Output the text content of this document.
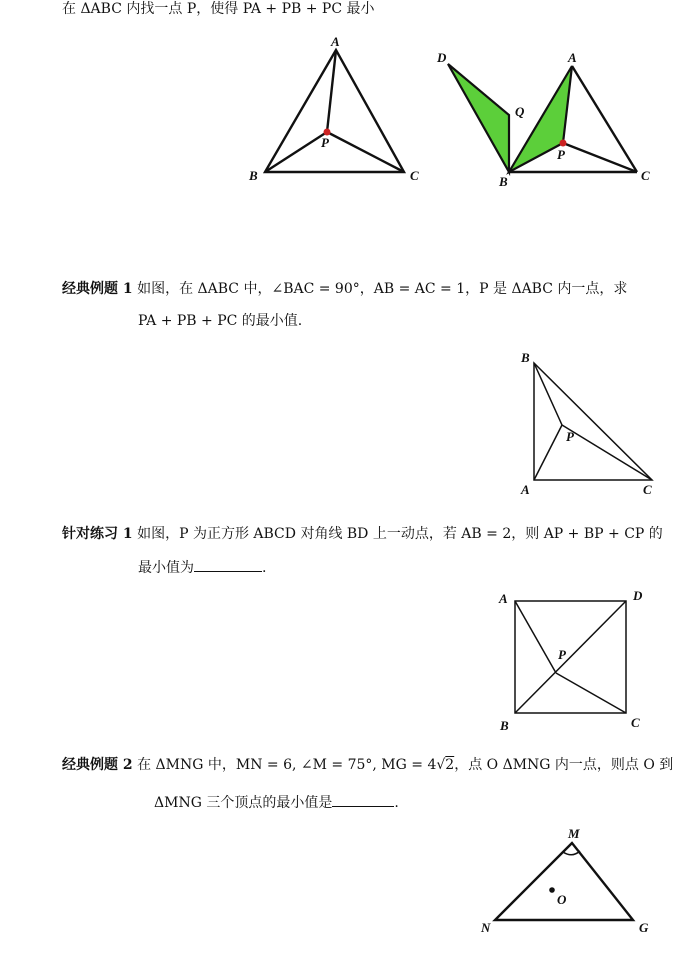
在 ΔABC 内找一点 P，使得 PA + PB + PC 最小
A
B	C
P
D
Q
A
B	C
P
B
P
A	C
A	D
P
B	C
M
O
N	G
经典例题 1 如图，在 ΔABC 中，∠BAC = 90°，AB = AC = 1，P 是 ΔABC 内一点，求
PA + PB + PC 的最小值.
针对练习 1 如图，P 为正方形 ABCD 对角线 BD 上一动点，若 AB = 2，则 AP + BP + CP 的
最小值为	.
经典例题 2 在 ΔMNG 中，MN = 6, ∠M = 75°, MG = 4√2，点 O ΔMNG 内一点，则点 O 到
ΔMNG 三个顶点的最小值是	.
